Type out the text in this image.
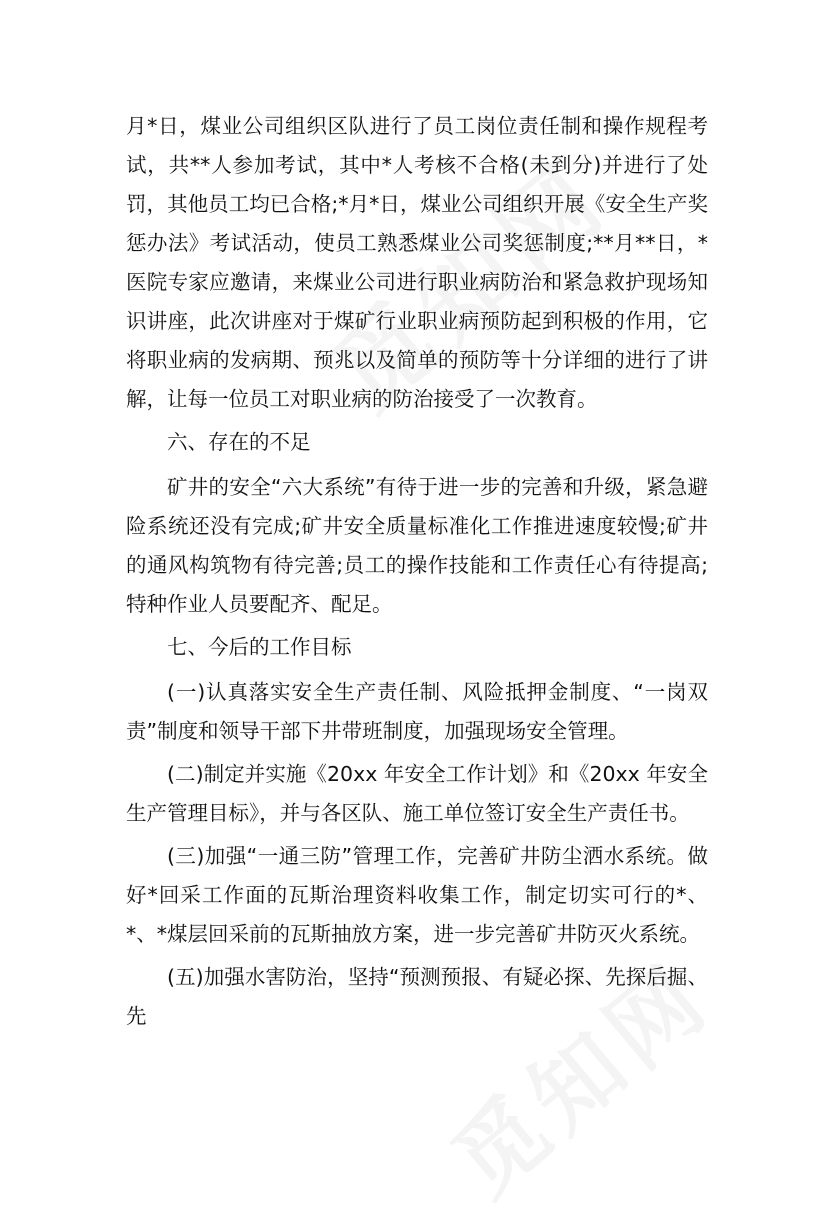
月*日，煤业公司组织区队进行了员工岗位责任制和操作规程考试，共**人参加考试，其中*人考核不合格(未到分)并进行了处罚，其他员工均已合格;*月*日，煤业公司组织开展《安全生产奖惩办法》考试活动，使员工熟悉煤业公司奖惩制度;**月**日，*医院专家应邀请，来煤业公司进行职业病防治和紧急救护现场知识讲座，此次讲座对于煤矿行业职业病预防起到积极的作用，它将职业病的发病期、预兆以及简单的预防等十分详细的进行了讲解，让每一位员工对职业病的防治接受了一次教育。

六、存在的不足

矿井的安全“六大系统”有待于进一步的完善和升级，紧急避险系统还没有完成;矿井安全质量标准化工作推进速度较慢;矿井的通风构筑物有待完善;员工的操作技能和工作责任心有待提高;特种作业人员要配齐、配足。

七、今后的工作目标

(一)认真落实安全生产责任制、风险抵押金制度、“一岗双责”制度和领导干部下井带班制度，加强现场安全管理。

(二)制定并实施《20xx 年安全工作计划》和《20xx 年安全生产管理目标》，并与各区队、施工单位签订安全生产责任书。

(三)加强“一通三防”管理工作，完善矿井防尘洒水系统。做好*回采工作面的瓦斯治理资料收集工作，制定切实可行的*、*、*煤层回采前的瓦斯抽放方案，进一步完善矿井防灭火系统。

(五)加强水害防治，坚持“预测预报、有疑必探、先探后掘、先
